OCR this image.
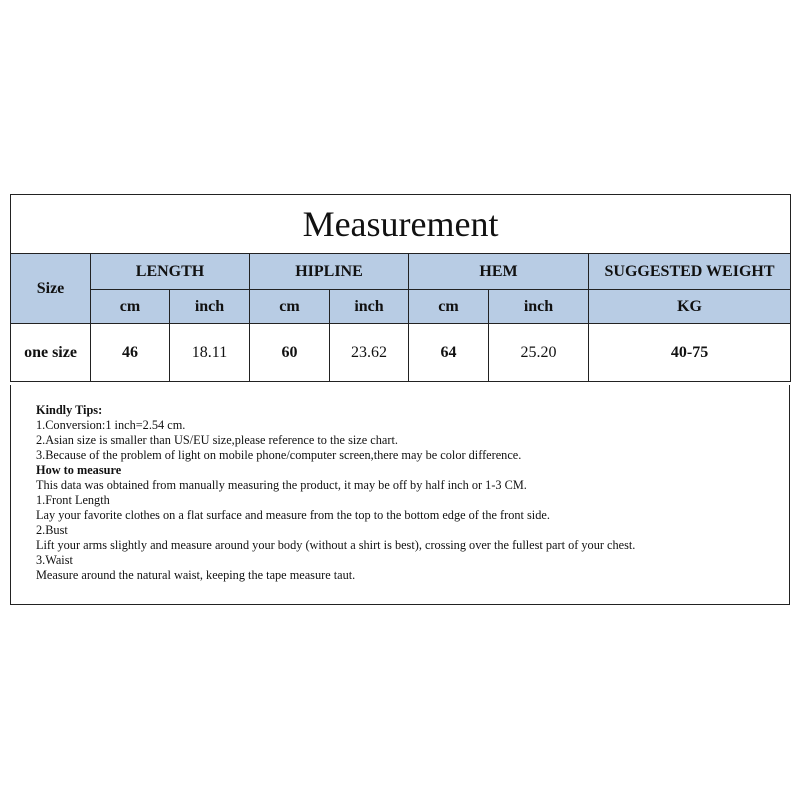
Measurement							
Size	LENGTH		HIPLINE		HEM		SUGGESTED WEIGHT
	cm	inch	cm	inch	cm	inch	KG
one size	46	18.11	60	23.62	64	25.20	40-75
Kindly Tips:
1.Conversion:1 inch=2.54 cm.
2.Asian size is smaller than US/EU size,please reference to the size chart.
3.Because of the problem of light on mobile phone/computer screen,there may be color difference.
How to measure
This data was obtained from manually measuring the product, it may be off by half inch or 1-3 CM.
1.Front Length
Lay your favorite clothes on a flat surface and measure from the top to the bottom edge of the front side.
2.Bust
Lift your arms slightly and measure around your body (without a shirt is best), crossing over the fullest part of your chest.
3.Waist
Measure around the natural waist, keeping the tape measure taut.
